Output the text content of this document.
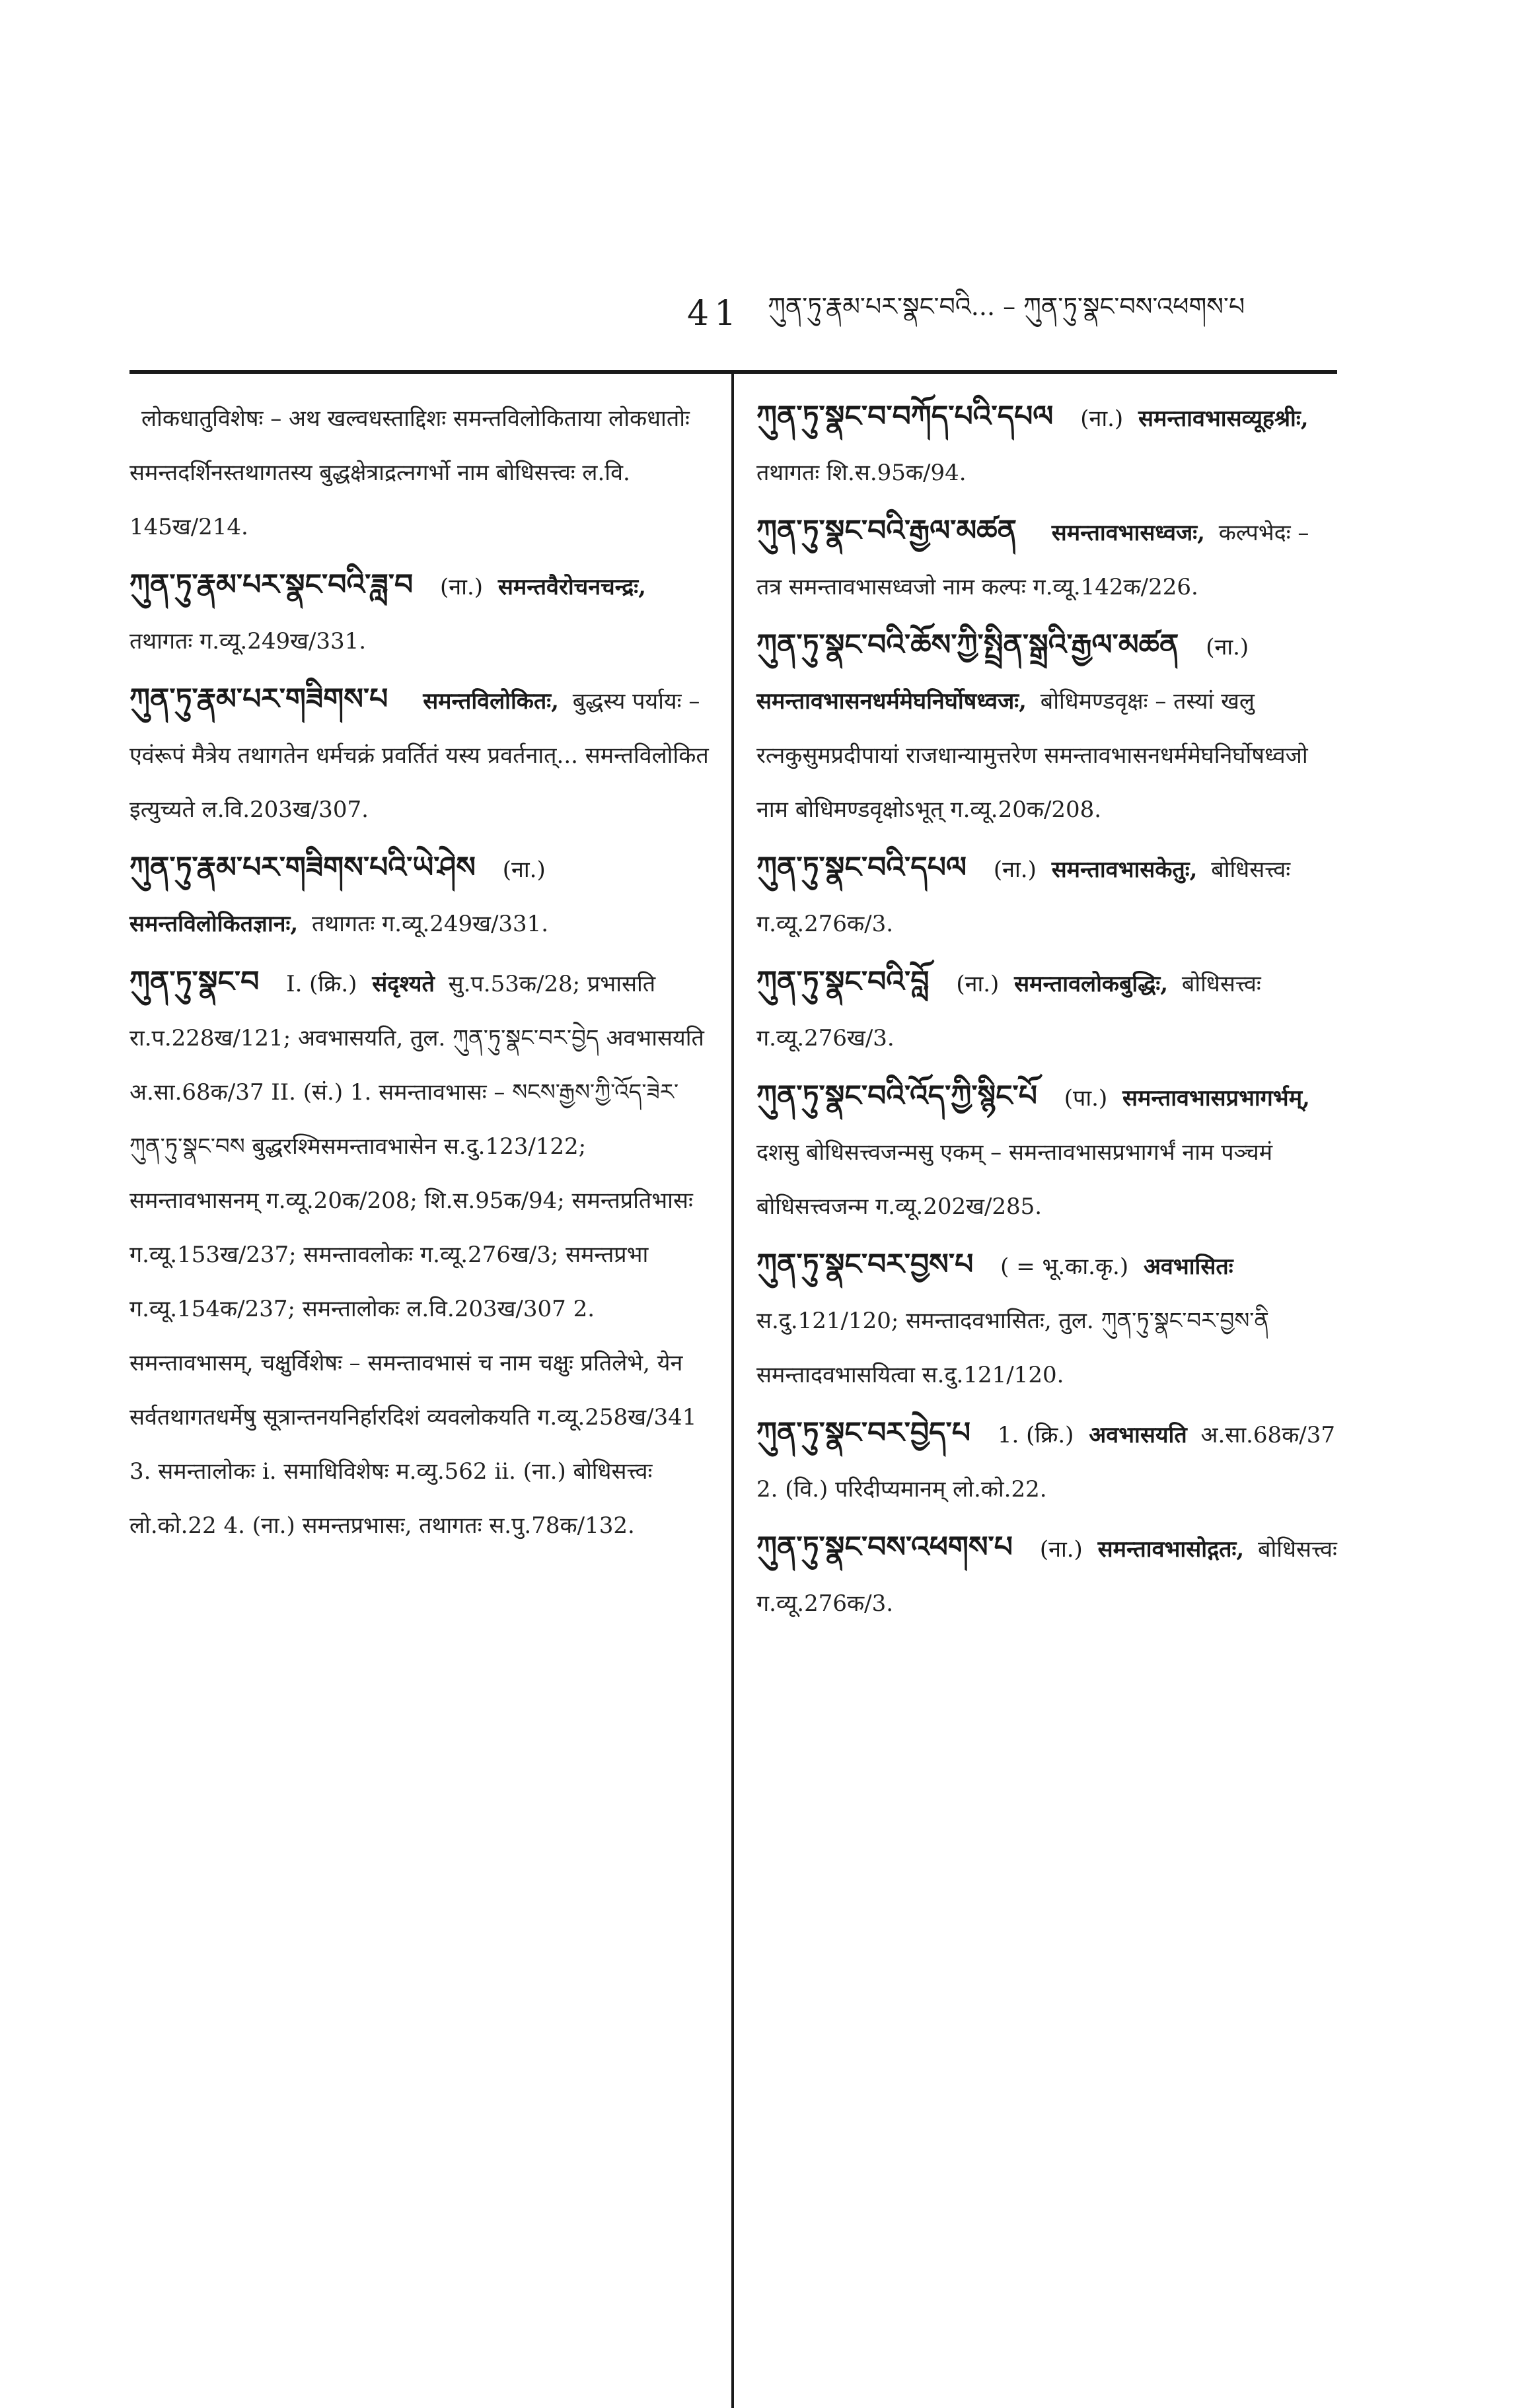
41 ཀུན་ཏུ་རྣམ་པར་སྣང་བའི... – ཀུན་ཏུ་སྣང་བས་འཕགས་པ
लोकधातुविशेषः – अथ खल्वधस्ताद्दिशः समन्तविलोकिताया लोकधातोः समन्तदर्शिनस्तथागतस्य बुद्धक्षेत्राद्रत्नगर्भो नाम बोधिसत्त्वः ल.वि. 145ख/214.
ཀུན་ཏུ་རྣམ་པར་སྣང་བའི་ཟླ་བ (ना.) समन्तवैरोचनचन्द्रः, तथागतः ग.व्यू.249ख/331.
ཀུན་ཏུ་རྣམ་པར་གཟིགས་པ समन्तविलोकितः, बुद्धस्य पर्यायः – एवंरूपं मैत्रेय तथागतेन धर्मचक्रं प्रवर्तितं यस्य प्रवर्तनात्... समन्तविलोकित इत्युच्यते ल.वि.203ख/307.
ཀུན་ཏུ་རྣམ་པར་གཟིགས་པའི་ཡེ་ཤེས (ना.) समन्तविलोकितज्ञानः, तथागतः ग.व्यू.249ख/331.
ཀུན་ཏུ་སྣང་བ I. (क्रि.) संदृश्यते सु.प.53क/28; प्रभासति रा.प.228ख/121; अवभासयति, तुल. ཀུན་ཏུ་སྣང་བར་བྱེད अवभासयति अ.सा.68क/37 II. (सं.) 1. समन्तावभासः – སངས་རྒྱས་ཀྱི་འོད་ཟེར་ཀུན་ཏུ་སྣང་བས बुद्धरश्मिसमन्तावभासेन स.दु.123/122; समन्तावभासनम् ग.व्यू.20क/208; शि.स.95क/94; समन्तप्रतिभासः ग.व्यू.153ख/237; समन्तावलोकः ग.व्यू.276ख/3; समन्तप्रभा ग.व्यू.154क/237; समन्तालोकः ल.वि.203ख/307 2. समन्तावभासम्, चक्षुर्विशेषः – समन्तावभासं च नाम चक्षुः प्रतिलेभे, येन सर्वतथागतधर्मेषु सूत्रान्तनयनिर्हारदिशं व्यवलोकयति ग.व्यू.258ख/341 3. समन्तालोकः i. समाधिविशेषः म.व्यु.562 ii. (ना.) बोधिसत्त्वः लो.को.22 4. (ना.) समन्तप्रभासः, तथागतः स.पु.78क/132.
ཀུན་ཏུ་སྣང་བ་བཀོད་པའི་དཔལ (ना.) समन्तावभासव्यूहश्रीः, तथागतः शि.स.95क/94.
ཀུན་ཏུ་སྣང་བའི་རྒྱལ་མཚན समन्तावभासध्वजः, कल्पभेदः – तत्र समन्तावभासध्वजो नाम कल्पः ग.व्यू.142क/226.
ཀུན་ཏུ་སྣང་བའི་ཆོས་ཀྱི་སྤྲིན་སྒྲའི་རྒྱལ་མཚན (ना.) समन्तावभासनधर्ममेघनिर्घोषध्वजः, बोधिमण्डवृक्षः – तस्यां खलु रत्नकुसुमप्रदीपायां राजधान्यामुत्तरेण समन्तावभासनधर्ममेघनिर्घोषध्वजो नाम बोधिमण्डवृक्षोऽभूत् ग.व्यू.20क/208.
ཀུན་ཏུ་སྣང་བའི་དཔལ (ना.) समन्तावभासकेतुः, बोधिसत्त्वः ग.व्यू.276क/3.
ཀུན་ཏུ་སྣང་བའི་བློ (ना.) समन्तावलोकबुद्धिः, बोधिसत्त्वः ग.व्यू.276ख/3.
ཀུན་ཏུ་སྣང་བའི་འོད་ཀྱི་སྙིང་པོ (पा.) समन्तावभासप्रभागर्भम्, दशसु बोधिसत्त्वजन्मसु एकम् – समन्तावभासप्रभागर्भं नाम पञ्चमं बोधिसत्त्वजन्म ग.व्यू.202ख/285.
ཀུན་ཏུ་སྣང་བར་བྱས་པ ( = भू.का.कृ.) अवभासितः स.दु.121/120; समन्तादवभासितः, तुल. ཀུན་ཏུ་སྣང་བར་བྱས་ནི समन्तादवभासयित्वा स.दु.121/120.
ཀུན་ཏུ་སྣང་བར་བྱེད་པ 1. (क्रि.) अवभासयति अ.सा.68क/37 2. (वि.) परिदीप्यमानम् लो.को.22.
ཀུན་ཏུ་སྣང་བས་འཕགས་པ (ना.) समन्तावभासोद्गतः, बोधिसत्त्वः ग.व्यू.276क/3.
